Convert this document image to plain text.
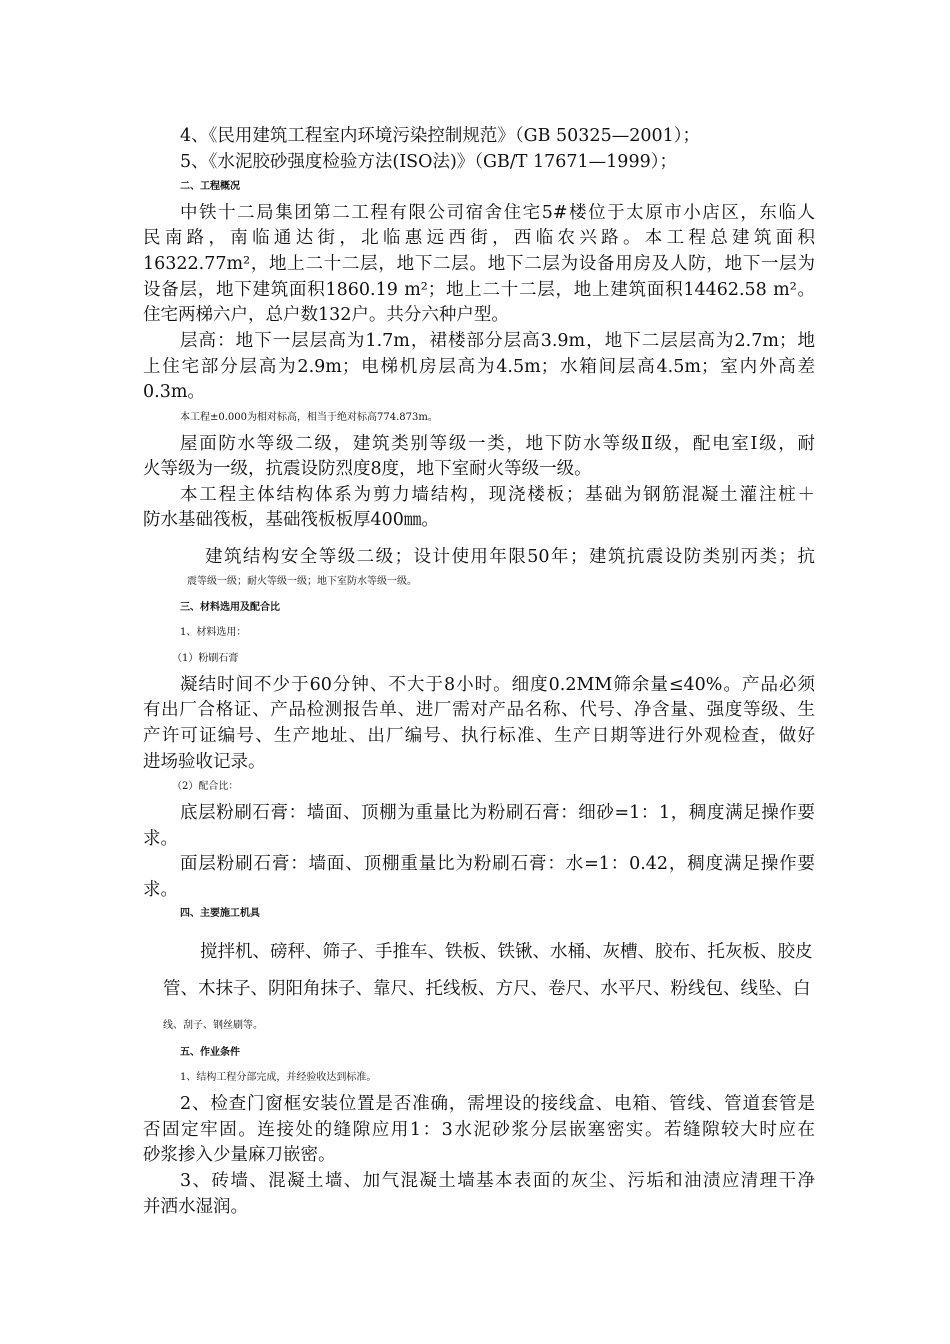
4、《民用建筑工程室内环境污染控制规范》（GB 50325—2001）；

5、《水泥胶砂强度检验方法(ISO法)》（GB/T 17671—1999）；

二、工程概况

中铁十二局集团第二工程有限公司宿舍住宅5#楼位于太原市小店区，东临人

民南路，南临通达街，北临惠远西街，西临农兴路。本工程总建筑面积

16322.77m²，地上二十二层，地下二层。地下二层为设备用房及人防，地下一层为

设备层，地下建筑面积1860.19 m²；地上二十二层，地上建筑面积14462.58 m²。

住宅两梯六户，总户数132户。共分六种户型。

层高：地下一层层高为1.7m，裙楼部分层高3.9m，地下二层层高为2.7m；地

上住宅部分层高为2.9m；电梯机房层高为4.5m；水箱间层高4.5m；室内外高差

0.3m。

本工程±0.000为相对标高，相当于绝对标高774.873m。

屋面防水等级二级，建筑类别等级一类，地下防水等级Ⅱ级，配电室Ⅰ级，耐

火等级为一级，抗震设防烈度8度，地下室耐火等级一级。

本工程主体结构体系为剪力墙结构，现浇楼板；基础为钢筋混凝土灌注桩＋

防水基础筏板，基础筏板板厚400㎜。

建筑结构安全等级二级；设计使用年限50年；建筑抗震设防类别丙类；抗

震等级一级；耐火等级一级；地下室防水等级一级。

三、材料选用及配合比

1、材料选用：

（1）粉刷石膏

凝结时间不少于60分钟、不大于8小时。细度0.2MM筛余量≤40%。产品必须

有出厂合格证、产品检测报告单、进厂需对产品名称、代号、净含量、强度等级、生

产许可证编号、生产地址、出厂编号、执行标准、生产日期等进行外观检查，做好

进场验收记录。

（2）配合比：

底层粉刷石膏：墙面、顶棚为重量比为粉刷石膏：细砂=1：1，稠度满足操作要

求。

面层粉刷石膏：墙面、顶棚重量比为粉刷石膏：水=1：0.42，稠度满足操作要

求。

四、主要施工机具

搅拌机、磅秤、筛子、手推车、铁板、铁锹、水桶、灰槽、胶布、托灰板、胶皮

管、木抹子、阴阳角抹子、靠尺、托线板、方尺、卷尺、水平尺、粉线包、线坠、白

线、刮子、钢丝刷等。

五、作业条件

1、结构工程分部完成，并经验收达到标准。

2、检查门窗框安装位置是否准确，需埋设的接线盒、电箱、管线、管道套管是

否固定牢固。连接处的缝隙应用1：3水泥砂浆分层嵌塞密实。若缝隙较大时应在

砂浆掺入少量麻刀嵌密。

3、砖墙、混凝土墙、加气混凝土墙基本表面的灰尘、污垢和油渍应清理干净

并洒水湿润。
